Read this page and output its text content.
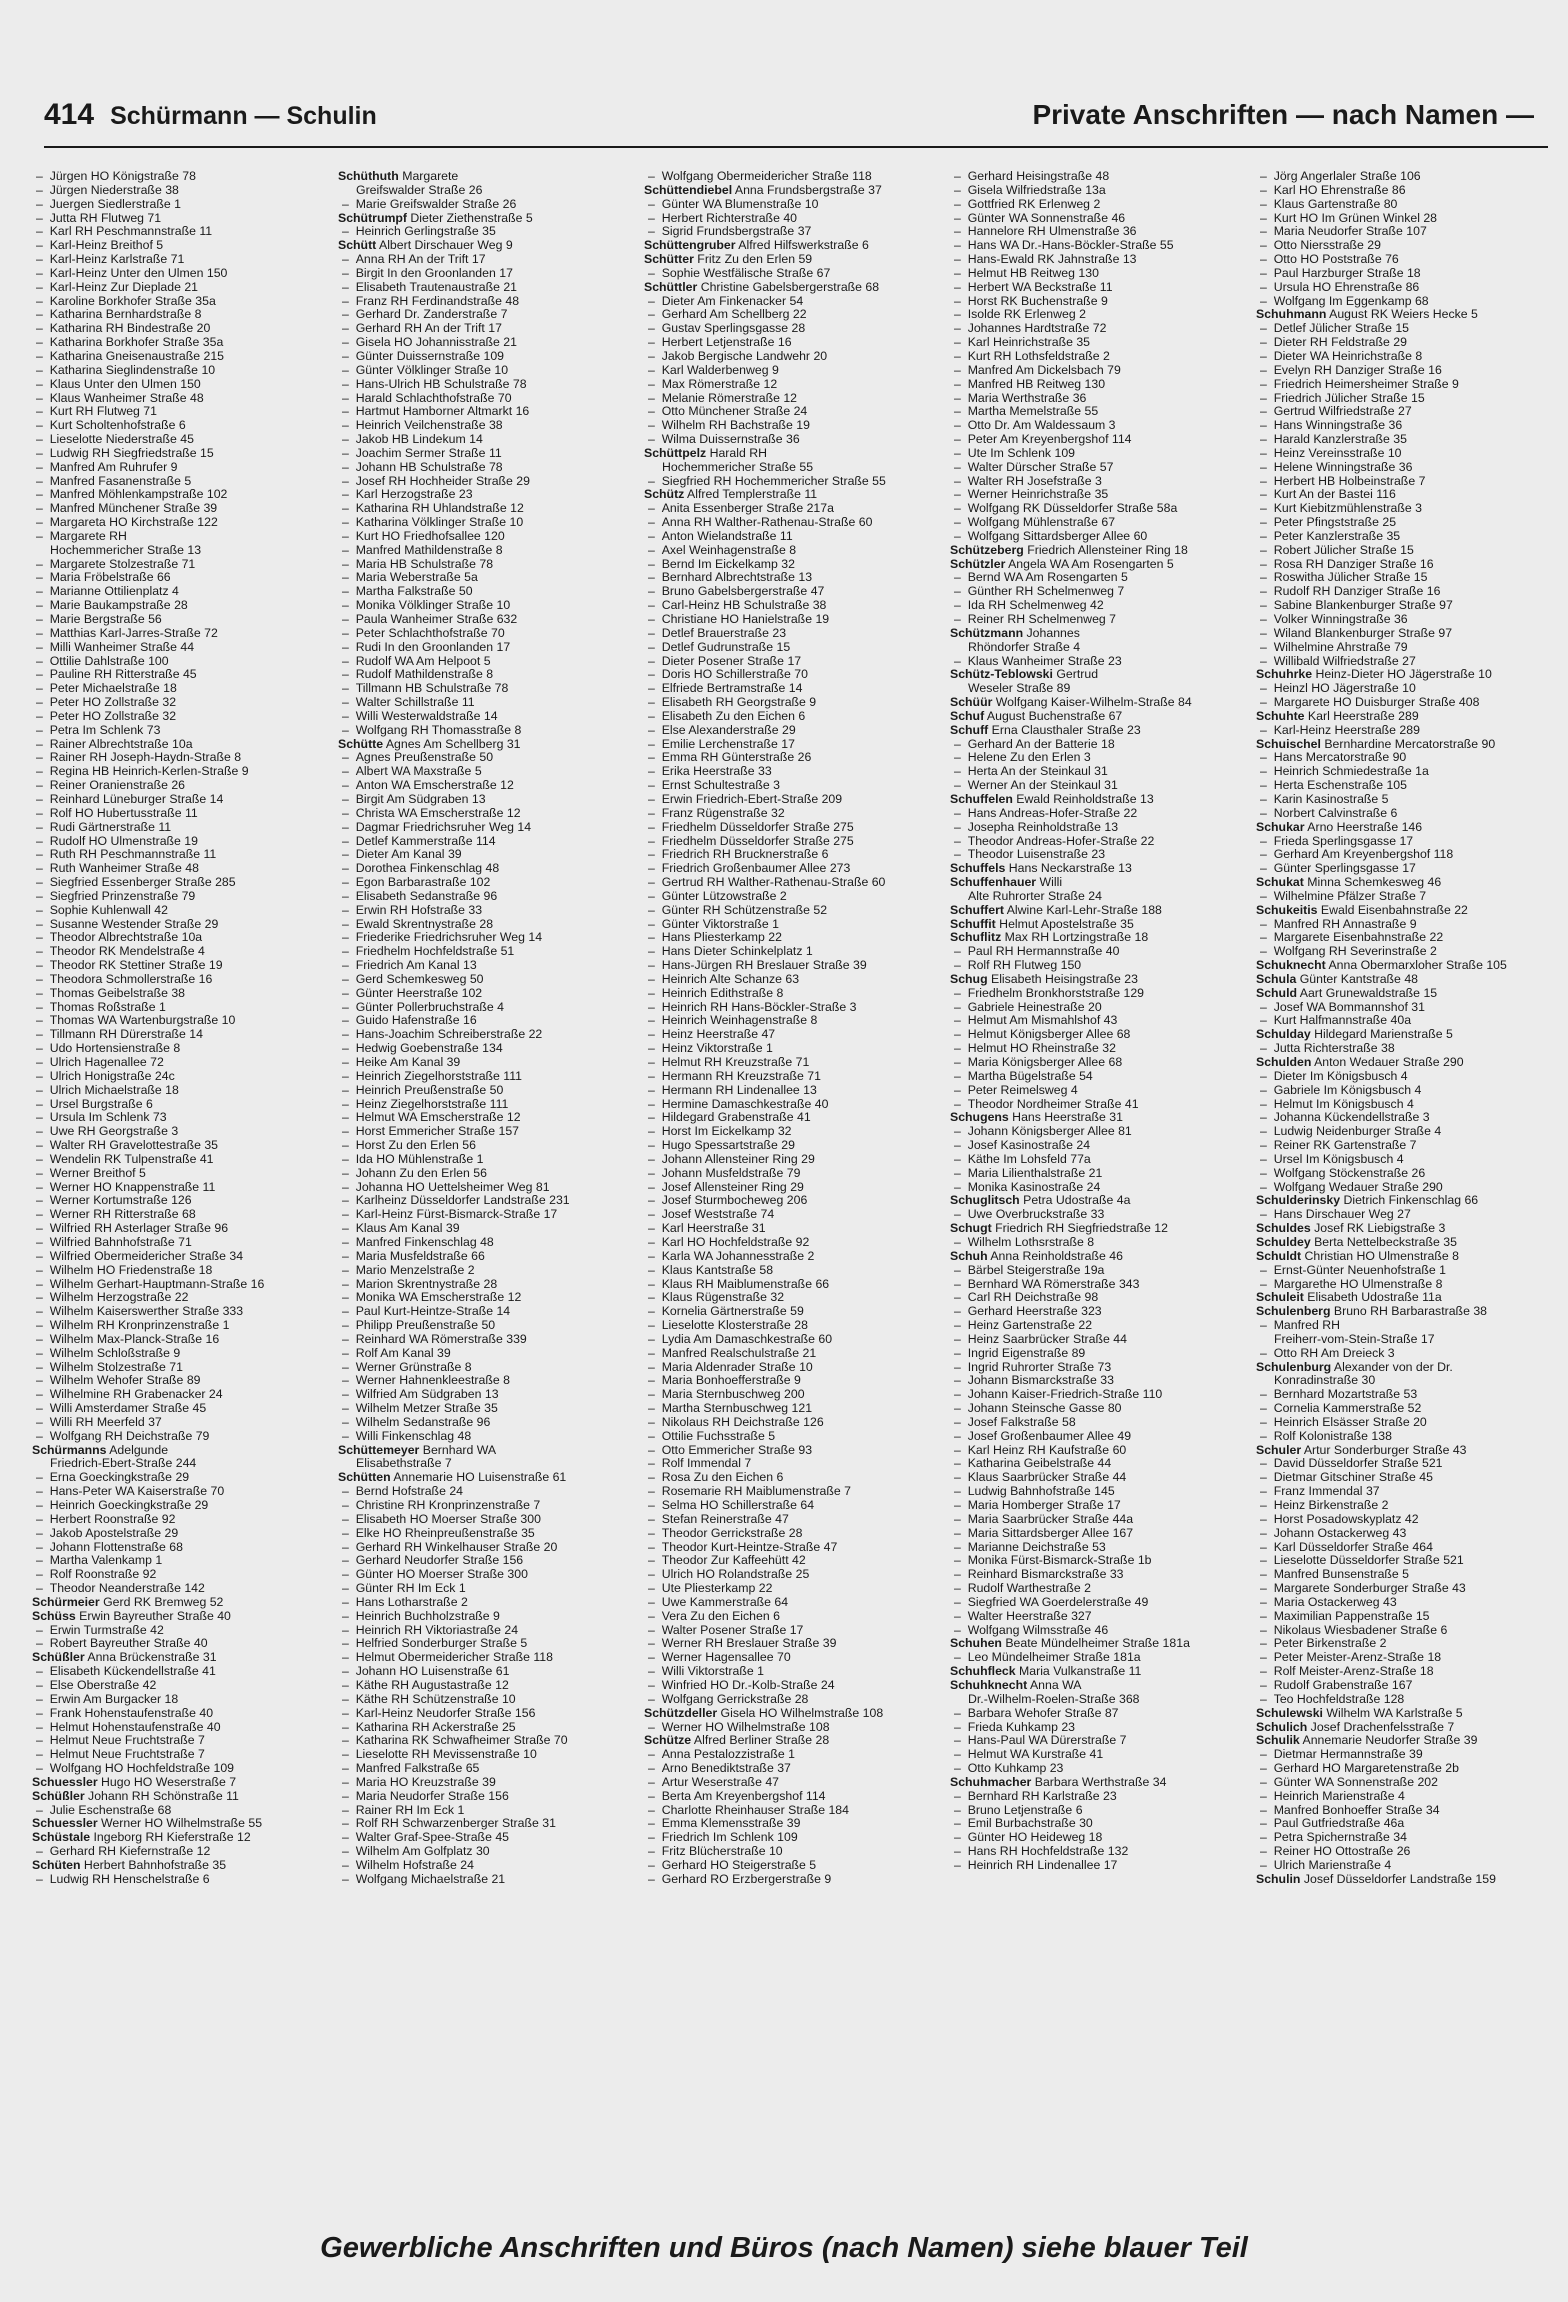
414 Schürmann — Schulin	Private Anschriften — nach Namen —
–  Jürgen HO Königstraße 78
–  Jürgen Niederstraße 38
–  Juergen Siedlerstraße 1
–  Jutta RH Flutweg 71
–  Karl RH Peschmannstraße 11
–  Karl-Heinz Breithof 5
–  Karl-Heinz Karlstraße 71
–  Karl-Heinz Unter den Ulmen 150
–  Karl-Heinz Zur Dieplade 21
–  Karoline Borkhofer Straße 35a
–  Katharina Bernhardstraße 8
–  Katharina RH Bindestraße 20
–  Katharina Borkhofer Straße 35a
–  Katharina Gneisenaustraße 215
–  Katharina Sieglindenstraße 10
–  Klaus Unter den Ulmen 150
–  Klaus Wanheimer Straße 48
–  Kurt RH Flutweg 71
–  Kurt Scholtenhofstraße 6
–  Lieselotte Niederstraße 45
–  Ludwig RH Siegfriedstraße 15
–  Manfred Am Ruhrufer 9
–  Manfred Fasanenstraße 5
–  Manfred Möhlenkampstraße 102
–  Manfred Münchener Straße 39
–  Margareta HO Kirchstraße 122
–  Margarete RH
Hochemmericher Straße 13
–  Margarete Stolzestraße 71
–  Maria Fröbelstraße 66
–  Marianne Ottilienplatz 4
–  Marie Baukampstraße 28
–  Marie Bergstraße 56
–  Matthias Karl-Jarres-Straße 72
–  Milli Wanheimer Straße 44
–  Ottilie Dahlstraße 100
–  Pauline RH Ritterstraße 45
–  Peter Michaelstraße 18
–  Peter HO Zollstraße 32
–  Peter HO Zollstraße 32
–  Petra Im Schlenk 73
–  Rainer Albrechtstraße 10a
–  Rainer RH Joseph-Haydn-Straße 8
–  Regina HB Heinrich-Kerlen-Straße 9
–  Reiner Oranienstraße 26
–  Reinhard Lüneburger Straße 14
–  Rolf HO Hubertusstraße 11
–  Rudi Gärtnerstraße 11
–  Rudolf HO Ulmenstraße 19
–  Ruth RH Peschmannstraße 11
–  Ruth Wanheimer Straße 48
–  Siegfried Essenberger Straße 285
–  Siegfried Prinzenstraße 79
–  Sophie Kuhlenwall 42
–  Susanne Westender Straße 29
–  Theodor Albrechtstraße 10a
–  Theodor RK Mendelstraße 4
–  Theodor RK Stettiner Straße 19
–  Theodora Schmollerstraße 16
–  Thomas Geibelstraße 38
–  Thomas Roßstraße 1
–  Thomas WA Wartenburgstraße 10
–  Tillmann RH Dürerstraße 14
–  Udo Hortensienstraße 8
–  Ulrich Hagenallee 72
–  Ulrich Honigstraße 24c
–  Ulrich Michaelstraße 18
–  Ursel Burgstraße 6
–  Ursula Im Schlenk 73
–  Uwe RH Georgstraße 3
–  Walter RH Gravelottestraße 35
–  Wendelin RK Tulpenstraße 41
–  Werner Breithof 5
–  Werner HO Knappenstraße 11
–  Werner Kortumstraße 126
–  Werner RH Ritterstraße 68
–  Wilfried RH Asterlager Straße 96
–  Wilfried Bahnhofstraße 71
–  Wilfried Obermeidericher Straße 34
–  Wilhelm HO Friedenstraße 18
–  Wilhelm Gerhart-Hauptmann-Straße 16
–  Wilhelm Herzogstraße 22
–  Wilhelm Kaiserswerther Straße 333
–  Wilhelm RH Kronprinzenstraße 1
–  Wilhelm Max-Planck-Straße 16
–  Wilhelm Schloßstraße 9
–  Wilhelm Stolzestraße 71
–  Wilhelm Wehofer Straße 89
–  Wilhelmine RH Grabenacker 24
–  Willi Amsterdamer Straße 45
–  Willi RH Meerfeld 37
–  Wolfgang RH Deichstraße 79
Schürmanns Adelgunde
Friedrich-Ebert-Straße 244
–  Erna Goeckingkstraße 29
–  Hans-Peter WA Kaiserstraße 70
–  Heinrich Goeckingkstraße 29
–  Herbert Roonstraße 92
–  Jakob Apostelstraße 29
–  Johann Flottenstraße 68
–  Martha Valenkamp 1
–  Rolf Roonstraße 92
–  Theodor Neanderstraße 142
Schürmeier Gerd RK Bremweg 52
Schüss Erwin Bayreuther Straße 40
–  Erwin Turmstraße 42
–  Robert Bayreuther Straße 40
Schüßler Anna Brückenstraße 31
–  Elisabeth Kückendellstraße 41
–  Else Oberstraße 42
–  Erwin Am Burgacker 18
–  Frank Hohenstaufenstraße 40
–  Helmut Hohenstaufenstraße 40
–  Helmut Neue Fruchtstraße 7
–  Helmut Neue Fruchtstraße 7
–  Wolfgang HO Hochfeldstraße 109
Schuessler Hugo HO Weserstraße 7
Schüßler Johann RH Schönstraße 11
–  Julie Eschenstraße 68
Schuessler Werner HO Wilhelmstraße 55
Schüstale Ingeborg RH Kieferstraße 12
–  Gerhard RH Kiefernstraße 12
Schüten Herbert Bahnhofstraße 35
–  Ludwig RH Henschelstraße 6
Schüthuth Margarete
Greifswalder Straße 26
–  Marie Greifswalder Straße 26
Schütrumpf Dieter Ziethenstraße 5
–  Heinrich Gerlingstraße 35
Schütt Albert Dirschauer Weg 9
–  Anna RH An der Trift 17
–  Birgit In den Groonlanden 17
–  Elisabeth Trautenaustraße 21
–  Franz RH Ferdinandstraße 48
–  Gerhard Dr. Zanderstraße 7
–  Gerhard RH An der Trift 17
–  Gisela HO Johannisstraße 21
–  Günter Duissernstraße 109
–  Günter Völklinger Straße 10
–  Hans-Ulrich HB Schulstraße 78
–  Harald Schlachthofstraße 70
–  Hartmut Hamborner Altmarkt 16
–  Heinrich Veilchenstraße 38
–  Jakob HB Lindekum 14
–  Joachim Sermer Straße 11
–  Johann HB Schulstraße 78
–  Josef RH Hochheider Straße 29
–  Karl Herzogstraße 23
–  Katharina RH Uhlandstraße 12
–  Katharina Völklinger Straße 10
–  Kurt HO Friedhofsallee 120
–  Manfred Mathildenstraße 8
–  Maria HB Schulstraße 78
–  Maria Weberstraße 5a
–  Martha Falkstraße 50
–  Monika Völklinger Straße 10
–  Paula Wanheimer Straße 632
–  Peter Schlachthofstraße 70
–  Rudi In den Groonlanden 17
–  Rudolf WA Am Helpoot 5
–  Rudolf Mathildenstraße 8
–  Tillmann HB Schulstraße 78
–  Walter Schillstraße 11
–  Willi Westerwaldstraße 14
–  Wolfgang RH Thomasstraße 8
Schütte Agnes Am Schellberg 31
–  Agnes Preußenstraße 50
–  Albert WA Maxstraße 5
–  Anton WA Emscherstraße 12
–  Birgit Am Südgraben 13
–  Christa WA Emscherstraße 12
–  Dagmar Friedrichsruher Weg 14
–  Detlef Kammerstraße 114
–  Dieter Am Kanal 39
–  Dorothea Finkenschlag 48
–  Egon Barbarastraße 102
–  Elisabeth Sedanstraße 96
–  Erwin RH Hofstraße 33
–  Ewald Skrentnystraße 28
–  Friederike Friedrichsruher Weg 14
–  Friedhelm Hochfeldstraße 51
–  Friedrich Am Kanal 13
–  Gerd Schemkesweg 50
–  Günter Heerstraße 102
–  Günter Pollerbruchstraße 4
–  Guido Hafenstraße 16
–  Hans-Joachim Schreiberstraße 22
–  Hedwig Goebenstraße 134
–  Heike Am Kanal 39
–  Heinrich Ziegelhorststraße 111
–  Heinrich Preußenstraße 50
–  Heinz Ziegelhorststraße 111
–  Helmut WA Emscherstraße 12
–  Horst Emmericher Straße 157
–  Horst Zu den Erlen 56
–  Ida HO Mühlenstraße 1
–  Johann Zu den Erlen 56
–  Johanna HO Uettelsheimer Weg 81
–  Karlheinz Düsseldorfer Landstraße 231
–  Karl-Heinz Fürst-Bismarck-Straße 17
–  Klaus Am Kanal 39
–  Manfred Finkenschlag 48
–  Maria Musfeldstraße 66
–  Mario Menzelstraße 2
–  Marion Skrentnystraße 28
–  Monika WA Emscherstraße 12
–  Paul Kurt-Heintze-Straße 14
–  Philipp Preußenstraße 50
–  Reinhard WA Römerstraße 339
–  Rolf Am Kanal 39
–  Werner Grünstraße 8
–  Werner Hahnenkleestraße 8
–  Wilfried Am Südgraben 13
–  Wilhelm Metzer Straße 35
–  Wilhelm Sedanstraße 96
–  Willi Finkenschlag 48
Schüttemeyer Bernhard WA
Elisabethstraße 7
Schütten Annemarie HO Luisenstraße 61
–  Bernd Hofstraße 24
–  Christine RH Kronprinzenstraße 7
–  Elisabeth HO Moerser Straße 300
–  Elke HO Rheinpreußenstraße 35
–  Gerhard RH Winkelhauser Straße 20
–  Gerhard Neudorfer Straße 156
–  Günter HO Moerser Straße 300
–  Günter RH Im Eck 1
–  Hans Lotharstraße 2
–  Heinrich Buchholzstraße 9
–  Heinrich RH Viktoriastraße 24
–  Helfried Sonderburger Straße 5
–  Helmut Obermeidericher Straße 118
–  Johann HO Luisenstraße 61
–  Käthe RH Augustastraße 12
–  Käthe RH Schützenstraße 10
–  Karl-Heinz Neudorfer Straße 156
–  Katharina RH Ackerstraße 25
–  Katharina RK Schwafheimer Straße 70
–  Lieselotte RH Mevissenstraße 10
–  Manfred Falkstraße 65
–  Maria HO Kreuzstraße 39
–  Maria Neudorfer Straße 156
–  Rainer RH Im Eck 1
–  Rolf RH Schwarzenberger Straße 31
–  Walter Graf-Spee-Straße 45
–  Wilhelm Am Golfplatz 30
–  Wilhelm Hofstraße 24
–  Wolfgang Michaelstraße 21
–  Wolfgang Obermeidericher Straße 118
Schüttendiebel Anna Frundsbergstraße 37
–  Günter WA Blumenstraße 10
–  Herbert Richterstraße 40
–  Sigrid Frundsbergstraße 37
Schüttengruber Alfred Hilfswerkstraße 6
Schütter Fritz Zu den Erlen 59
–  Sophie Westfälische Straße 67
Schüttler Christine Gabelsbergerstraße 68
–  Dieter Am Finkenacker 54
–  Gerhard Am Schellberg 22
–  Gustav Sperlingsgasse 28
–  Herbert Letjenstraße 16
–  Jakob Bergische Landwehr 20
–  Karl Walderbenweg 9
–  Max Römerstraße 12
–  Melanie Römerstraße 12
–  Otto Münchener Straße 24
–  Wilhelm RH Bachstraße 19
–  Wilma Duissernstraße 36
Schüttpelz Harald RH
Hochemmericher Straße 55
–  Siegfried RH Hochemmericher Straße 55
Schütz Alfred Templerstraße 11
–  Anita Essenberger Straße 217a
–  Anna RH Walther-Rathenau-Straße 60
–  Anton Wielandstraße 11
–  Axel Weinhagenstraße 8
–  Bernd Im Eickelkamp 32
–  Bernhard Albrechtstraße 13
–  Bruno Gabelsbergerstraße 47
–  Carl-Heinz HB Schulstraße 38
–  Christiane HO Hanielstraße 19
–  Detlef Brauerstraße 23
–  Detlef Gudrunstraße 15
–  Dieter Posener Straße 17
–  Doris HO Schillerstraße 70
–  Elfriede Bertramstraße 14
–  Elisabeth RH Georgstraße 9
–  Elisabeth Zu den Eichen 6
–  Else Alexanderstraße 29
–  Emilie Lerchenstraße 17
–  Emma RH Günterstraße 26
–  Erika Heerstraße 33
–  Ernst Schultestraße 3
–  Erwin Friedrich-Ebert-Straße 209
–  Franz Rügenstraße 32
–  Friedhelm Düsseldorfer Straße 275
–  Friedhelm Düsseldorfer Straße 275
–  Friedrich RH Brucknerstraße 6
–  Friedrich Großenbaumer Allee 273
–  Gertrud RH Walther-Rathenau-Straße 60
–  Günter Lützowstraße 2
–  Günter RH Schützenstraße 52
–  Günter Viktorstraße 1
–  Hans Pliesterkamp 22
–  Hans Dieter Schinkelplatz 1
–  Hans-Jürgen RH Breslauer Straße 39
–  Heinrich Alte Schanze 63
–  Heinrich Edithstraße 8
–  Heinrich RH Hans-Böckler-Straße 3
–  Heinrich Weinhagenstraße 8
–  Heinz Heerstraße 47
–  Heinz Viktorstraße 1
–  Helmut RH Kreuzstraße 71
–  Hermann RH Kreuzstraße 71
–  Hermann RH Lindenallee 13
–  Hermine Damaschkestraße 40
–  Hildegard Grabenstraße 41
–  Horst Im Eickelkamp 32
–  Hugo Spessartstraße 29
–  Johann Allensteiner Ring 29
–  Johann Musfeldstraße 79
–  Josef Allensteiner Ring 29
–  Josef Sturmbocheweg 206
–  Josef Weststraße 74
–  Karl Heerstraße 31
–  Karl HO Hochfeldstraße 92
–  Karla WA Johannesstraße 2
–  Klaus Kantstraße 58
–  Klaus RH Maiblumenstraße 66
–  Klaus Rügenstraße 32
–  Kornelia Gärtnerstraße 59
–  Lieselotte Klosterstraße 28
–  Lydia Am Damaschkestraße 60
–  Manfred Realschulstraße 21
–  Maria Aldenrader Straße 10
–  Maria Bonhoefferstraße 9
–  Maria Sternbuschweg 200
–  Martha Sternbuschweg 121
–  Nikolaus RH Deichstraße 126
–  Ottilie Fuchsstraße 5
–  Otto Emmericher Straße 93
–  Rolf Immendal 7
–  Rosa Zu den Eichen 6
–  Rosemarie RH Maiblumenstraße 7
–  Selma HO Schillerstraße 64
–  Stefan Reinerstraße 47
–  Theodor Gerrickstraße 28
–  Theodor Kurt-Heintze-Straße 47
–  Theodor Zur Kaffeehütt 42
–  Ulrich HO Rolandstraße 25
–  Ute Pliesterkamp 22
–  Uwe Kammerstraße 64
–  Vera Zu den Eichen 6
–  Walter Posener Straße 17
–  Werner RH Breslauer Straße 39
–  Werner Hagensallee 70
–  Willi Viktorstraße 1
–  Winfried HO Dr.-Kolb-Straße 24
–  Wolfgang Gerrickstraße 28
Schützdeller Gisela HO Wilhelmstraße 108
–  Werner HO Wilhelmstraße 108
Schütze Alfred Berliner Straße 28
–  Anna Pestalozzistraße 1
–  Arno Benediktstraße 37
–  Artur Weserstraße 47
–  Berta Am Kreyenbergshof 114
–  Charlotte Rheinhauser Straße 184
–  Emma Klemensstraße 39
–  Friedrich Im Schlenk 109
–  Fritz Blücherstraße 10
–  Gerhard HO Steigerstraße 5
–  Gerhard RO Erzbergerstraße 9
–  Gerhard Heisingstraße 48
–  Gisela Wilfriedstraße 13a
–  Gottfried RK Erlenweg 2
–  Günter WA Sonnenstraße 46
–  Hannelore RH Ulmenstraße 36
–  Hans WA Dr.-Hans-Böckler-Straße 55
–  Hans-Ewald RK Jahnstraße 13
–  Helmut HB Reitweg 130
–  Herbert WA Beckstraße 11
–  Horst RK Buchenstraße 9
–  Isolde RK Erlenweg 2
–  Johannes Hardtstraße 72
–  Karl Heinrichstraße 35
–  Kurt RH Lothsfeldstraße 2
–  Manfred Am Dickelsbach 79
–  Manfred HB Reitweg 130
–  Maria Werthstraße 36
–  Martha Memelstraße 55
–  Otto Dr. Am Waldessaum 3
–  Peter Am Kreyenbergshof 114
–  Ute Im Schlenk 109
–  Walter Dürscher Straße 57
–  Walter RH Josefstraße 3
–  Werner Heinrichstraße 35
–  Wolfgang RK Düsseldorfer Straße 58a
–  Wolfgang Mühlenstraße 67
–  Wolfgang Sittardsberger Allee 60
Schützeberg Friedrich Allensteiner Ring 18
Schützler Angela WA Am Rosengarten 5
–  Bernd WA Am Rosengarten 5
–  Günther RH Schelmenweg 7
–  Ida RH Schelmenweg 42
–  Reiner RH Schelmenweg 7
Schützmann Johannes
Rhöndorfer Straße 4
–  Klaus Wanheimer Straße 23
Schütz-Teblowski Gertrud
Weseler Straße 89
Schüür Wolfgang Kaiser-Wilhelm-Straße 84
Schuf August Buchenstraße 67
Schuff Erna Clausthaler Straße 23
–  Gerhard An der Batterie 18
–  Helene Zu den Erlen 3
–  Herta An der Steinkaul 31
–  Werner An der Steinkaul 31
Schuffelen Ewald Reinholdstraße 13
–  Hans Andreas-Hofer-Straße 22
–  Josepha Reinholdstraße 13
–  Theodor Andreas-Hofer-Straße 22
–  Theodor Luisenstraße 23
Schuffels Hans Neckarstraße 13
Schuffenhauer Willi
Alte Ruhrorter Straße 24
Schuffert Alwine Karl-Lehr-Straße 188
Schuffit Helmut Apostelstraße 35
Schuflitz Max RH Lortzingstraße 18
–  Paul RH Hermannstraße 40
–  Rolf RH Flutweg 150
Schug Elisabeth Heisingstraße 23
–  Friedhelm Bronkhorststraße 129
–  Gabriele Heinestraße 20
–  Helmut Am Mismahlshof 43
–  Helmut Königsberger Allee 68
–  Helmut HO Rheinstraße 32
–  Maria Königsberger Allee 68
–  Martha Bügelstraße 54
–  Peter Reimelsweg 4
–  Theodor Nordheimer Straße 41
Schugens Hans Heerstraße 31
–  Johann Königsberger Allee 81
–  Josef Kasinostraße 24
–  Käthe Im Lohsfeld 77a
–  Maria Lilienthalstraße 21
–  Monika Kasinostraße 24
Schuglitsch Petra Udostraße 4a
–  Uwe Overbruckstraße 33
Schugt Friedrich RH Siegfriedstraße 12
–  Wilhelm Lothsrstraße 8
Schuh Anna Reinholdstraße 46
–  Bärbel Steigerstraße 19a
–  Bernhard WA Römerstraße 343
–  Carl RH Deichstraße 98
–  Gerhard Heerstraße 323
–  Heinz Gartenstraße 22
–  Heinz Saarbrücker Straße 44
–  Ingrid Eigenstraße 89
–  Ingrid Ruhrorter Straße 73
–  Johann Bismarckstraße 33
–  Johann Kaiser-Friedrich-Straße 110
–  Johann Steinsche Gasse 80
–  Josef Falkstraße 58
–  Josef Großenbaumer Allee 49
–  Karl Heinz RH Kaufstraße 60
–  Katharina Geibelstraße 44
–  Klaus Saarbrücker Straße 44
–  Ludwig Bahnhofstraße 145
–  Maria Homberger Straße 17
–  Maria Saarbrücker Straße 44a
–  Maria Sittardsberger Allee 167
–  Marianne Deichstraße 53
–  Monika Fürst-Bismarck-Straße 1b
–  Reinhard Bismarckstraße 33
–  Rudolf Warthestraße 2
–  Siegfried WA Goerdelerstraße 49
–  Walter Heerstraße 327
–  Wolfgang Wilmsstraße 46
Schuhen Beate Mündelheimer Straße 181a
–  Leo Mündelheimer Straße 181a
Schuhfleck Maria Vulkanstraße 11
Schuhknecht Anna WA
Dr.-Wilhelm-Roelen-Straße 368
–  Barbara Wehofer Straße 87
–  Frieda Kuhkamp 23
–  Hans-Paul WA Dürerstraße 7
–  Helmut WA Kurstraße 41
–  Otto Kuhkamp 23
Schuhmacher Barbara Werthstraße 34
–  Bernhard RH Karlstraße 23
–  Bruno Letjenstraße 6
–  Emil Burbachstraße 30
–  Günter HO Heideweg 18
–  Hans RH Hochfeldstraße 132
–  Heinrich RH Lindenallee 17
–  Jörg Angerlaler Straße 106
–  Karl HO Ehrenstraße 86
–  Klaus Gartenstraße 80
–  Kurt HO Im Grünen Winkel 28
–  Maria Neudorfer Straße 107
–  Otto Niersstraße 29
–  Otto HO Poststraße 76
–  Paul Harzburger Straße 18
–  Ursula HO Ehrenstraße 86
–  Wolfgang Im Eggenkamp 68
Schuhmann August RK Weiers Hecke 5
–  Detlef Jülicher Straße 15
–  Dieter RH Feldstraße 29
–  Dieter WA Heinrichstraße 8
–  Evelyn RH Danziger Straße 16
–  Friedrich Heimersheimer Straße 9
–  Friedrich Jülicher Straße 15
–  Gertrud Wilfriedstraße 27
–  Hans Winningstraße 36
–  Harald Kanzlerstraße 35
–  Heinz Vereinsstraße 10
–  Helene Winningstraße 36
–  Herbert HB Holbeinstraße 7
–  Kurt An der Bastei 116
–  Kurt Kiebitzmühlenstraße 3
–  Peter Pfingststraße 25
–  Peter Kanzlerstraße 35
–  Robert Jülicher Straße 15
–  Rosa RH Danziger Straße 16
–  Roswitha Jülicher Straße 15
–  Rudolf RH Danziger Straße 16
–  Sabine Blankenburger Straße 97
–  Volker Winningstraße 36
–  Wiland Blankenburger Straße 97
–  Wilhelmine Ahrstraße 79
–  Willibald Wilfriedstraße 27
Schuhrke Heinz-Dieter HO Jägerstraße 10
–  Heinzl HO Jägerstraße 10
–  Margarete HO Duisburger Straße 408
Schuhte Karl Heerstraße 289
–  Karl-Heinz Heerstraße 289
Schuischel Bernhardine Mercatorstraße 90
–  Hans Mercatorstraße 90
–  Heinrich Schmiedestraße 1a
–  Herta Eschenstraße 105
–  Karin Kasinostraße 5
–  Norbert Calvinstraße 6
Schukar Arno Heerstraße 146
–  Frieda Sperlingsgasse 17
–  Gerhard Am Kreyenbergshof 118
–  Günter Sperlingsgasse 17
Schukat Minna Schemkesweg 46
–  Wilhelmine Pfälzer Straße 7
Schukeitis Ewald Eisenbahnstraße 22
–  Manfred RH Annastraße 9
–  Margarete Eisenbahnstraße 22
–  Wolfgang RH Severinstraße 2
Schuknecht Anna Obermarxloher Straße 105
Schula Günter Kantstraße 48
Schuld Aart Grunewaldstraße 15
–  Josef WA Bommannshof 31
–  Kurt Halfmannstraße 40a
Schulday Hildegard Marienstraße 5
–  Jutta Richterstraße 38
Schulden Anton Wedauer Straße 290
–  Dieter Im Königsbusch 4
–  Gabriele Im Königsbusch 4
–  Helmut Im Königsbusch 4
–  Johanna Kückendellstraße 3
–  Ludwig Neidenburger Straße 4
–  Reiner RK Gartenstraße 7
–  Ursel Im Königsbusch 4
–  Wolfgang Stöckenstraße 26
–  Wolfgang Wedauer Straße 290
Schulderinsky Dietrich Finkenschlag 66
–  Hans Dirschauer Weg 27
Schuldes Josef RK Liebigstraße 3
Schuldey Berta Nettelbeckstraße 35
Schuldt Christian HO Ulmenstraße 8
–  Ernst-Günter Neuenhofstraße 1
–  Margarethe HO Ulmenstraße 8
Schuleit Elisabeth Udostraße 11a
Schulenberg Bruno RH Barbarastraße 38
–  Manfred RH
Freiherr-vom-Stein-Straße 17
–  Otto RH Am Dreieck 3
Schulenburg Alexander von der Dr.
Konradinstraße 30
–  Bernhard Mozartstraße 53
–  Cornelia Kammerstraße 52
–  Heinrich Elsässer Straße 20
–  Rolf Kolonistraße 138
Schuler Artur Sonderburger Straße 43
–  David Düsseldorfer Straße 521
–  Dietmar Gitschiner Straße 45
–  Franz Immendal 37
–  Heinz Birkenstraße 2
–  Horst Posadowskyplatz 42
–  Johann Ostackerweg 43
–  Karl Düsseldorfer Straße 464
–  Lieselotte Düsseldorfer Straße 521
–  Manfred Bunsenstraße 5
–  Margarete Sonderburger Straße 43
–  Maria Ostackerweg 43
–  Maximilian Pappenstraße 15
–  Nikolaus Wiesbadener Straße 6
–  Peter Birkenstraße 2
–  Peter Meister-Arenz-Straße 18
–  Rolf Meister-Arenz-Straße 18
–  Rudolf Grabenstraße 167
–  Teo Hochfeldstraße 128
Schulewski Wilhelm WA Karlstraße 5
Schulich Josef Drachenfelsstraße 7
Schulik Annemarie Neudorfer Straße 39
–  Dietmar Hermannstraße 39
–  Gerhard HO Margaretenstraße 2b
–  Günter WA Sonnenstraße 202
–  Heinrich Marienstraße 4
–  Manfred Bonhoeffer Straße 34
–  Paul Gutfriedstraße 46a
–  Petra Spichernstraße 34
–  Reiner HO Ottostraße 26
–  Ulrich Marienstraße 4
Schulin Josef Düsseldorfer Landstraße 159
Gewerbliche Anschriften und Büros (nach Namen) siehe blauer Teil
